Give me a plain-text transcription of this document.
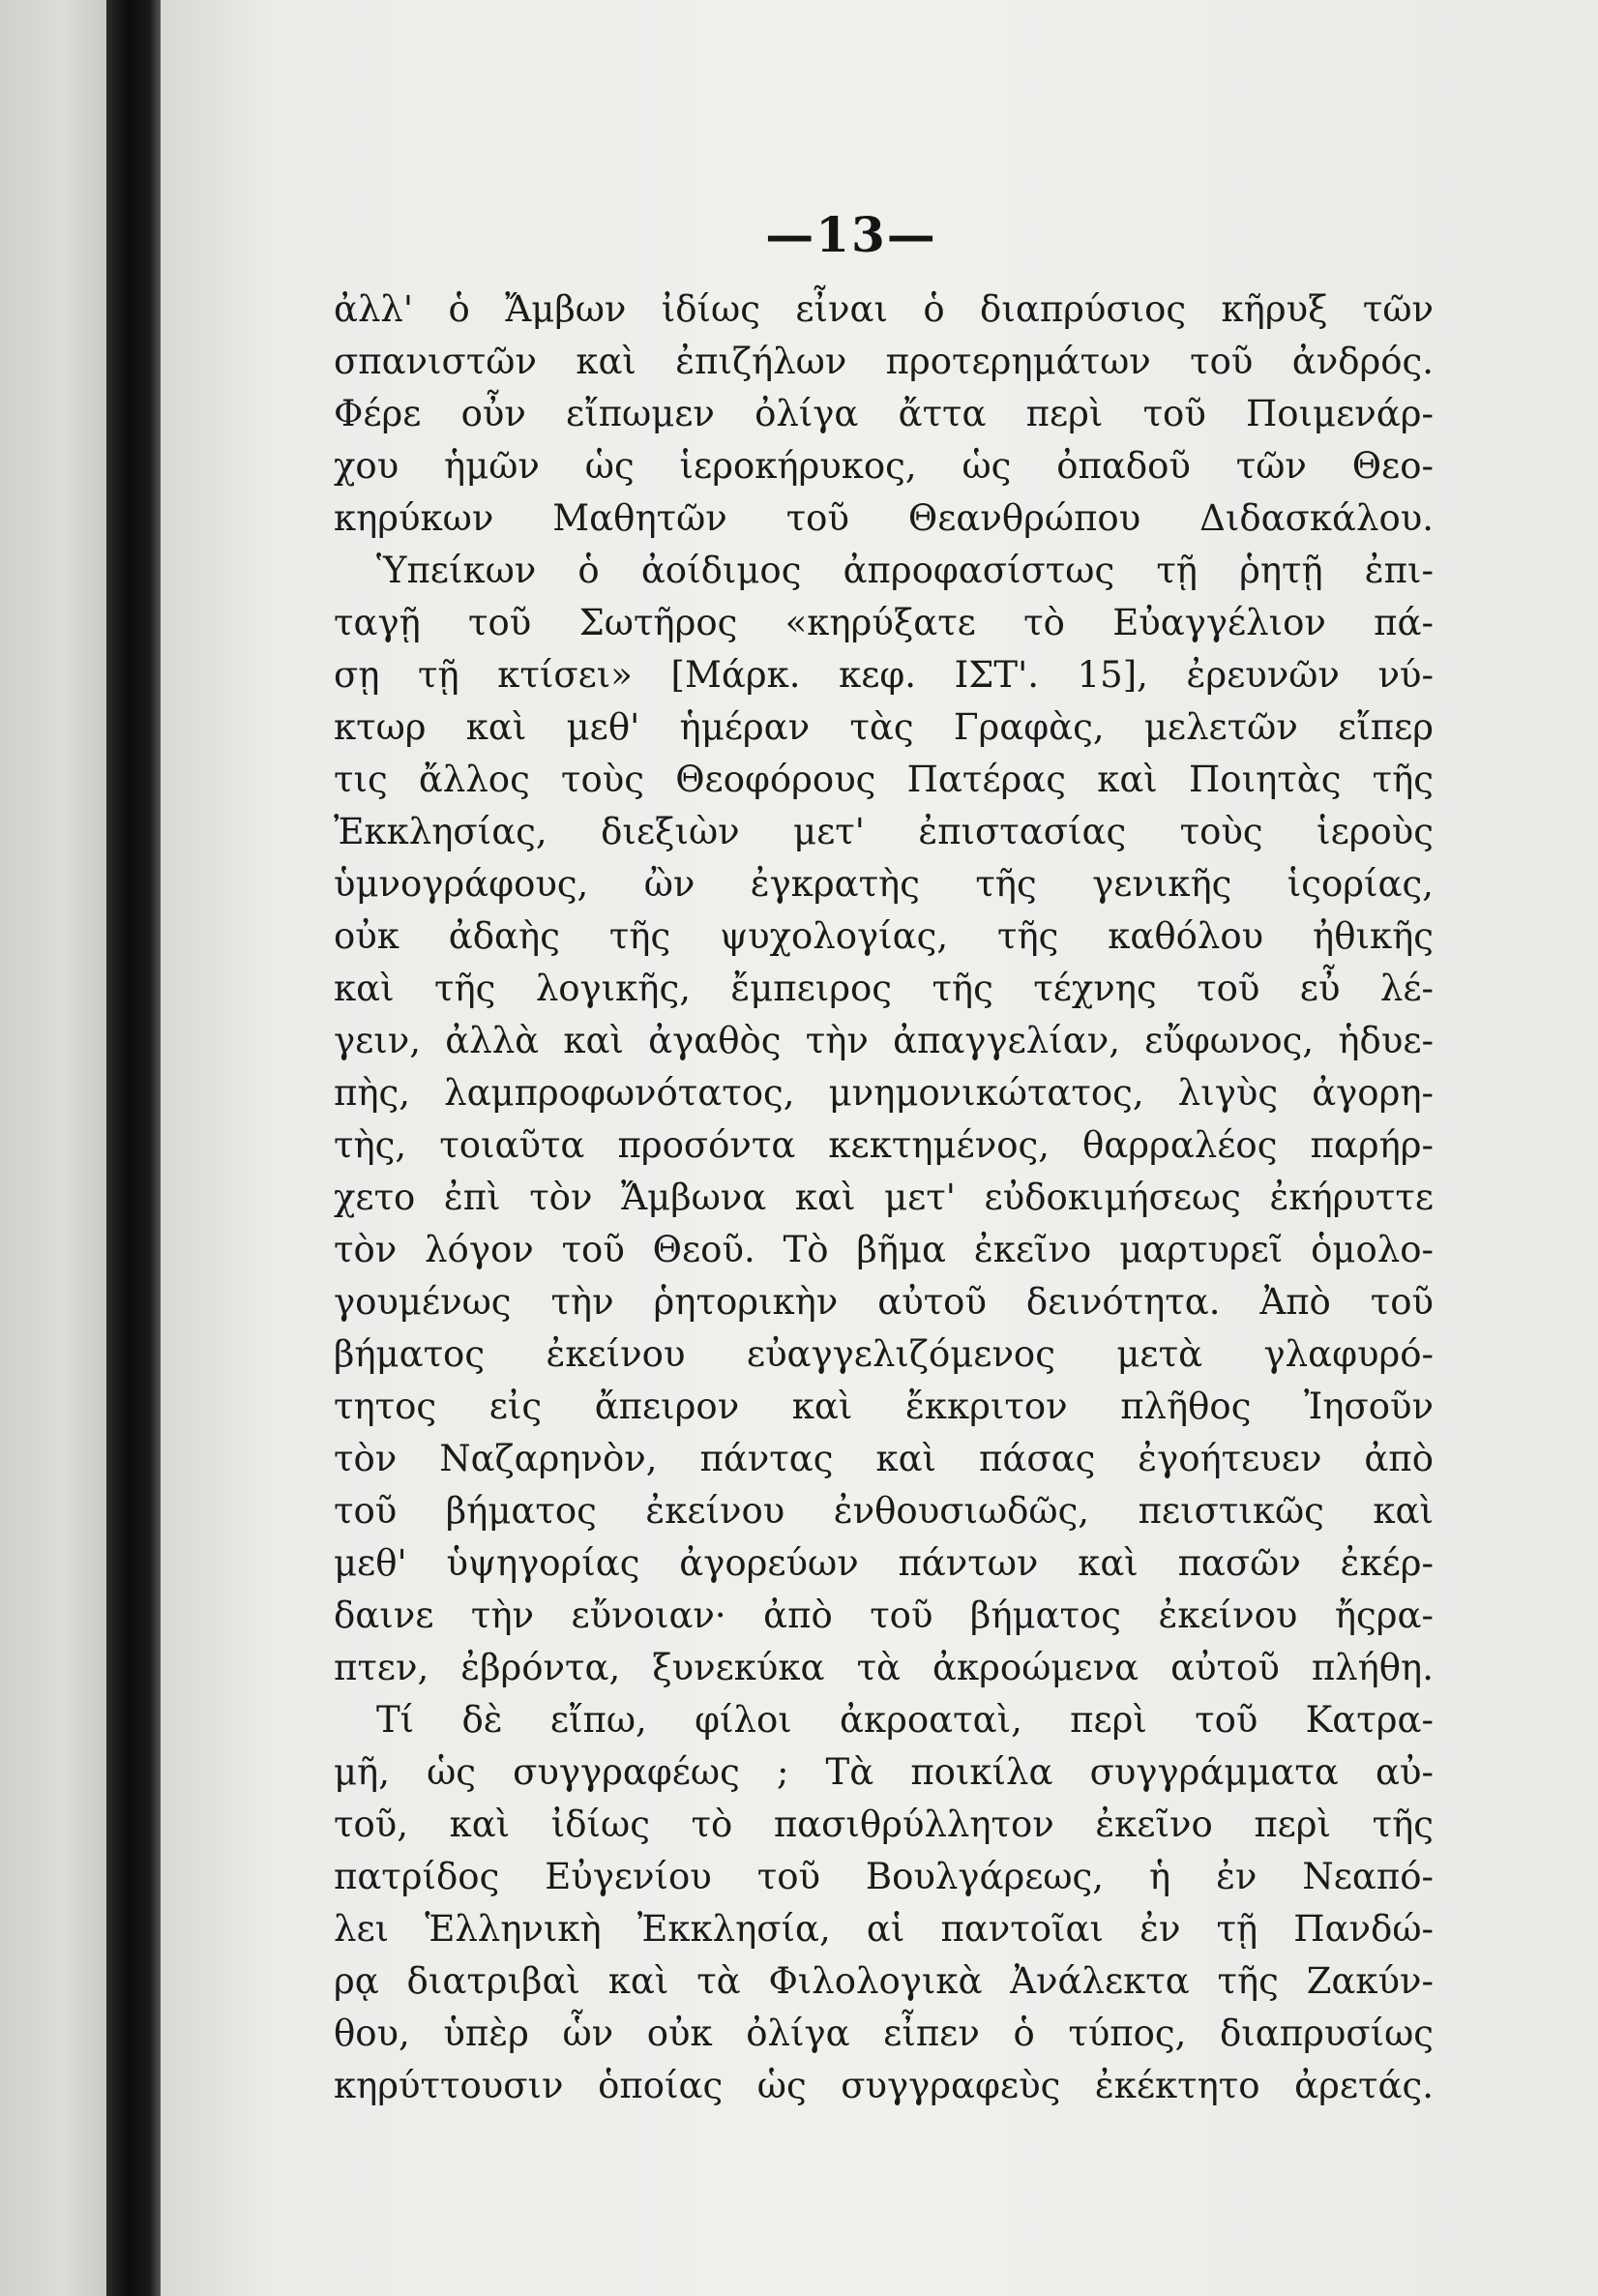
—13—
ἀλλ' ὁ Ἄμβων ἰδίως εἶναι ὁ διαπρύσιος κῆρυξ τῶν
σπανιστῶν καὶ ἐπιζήλων προτερημάτων τοῦ ἀνδρός.
Φέρε οὖν εἴπωμεν ὀλίγα ἄττα περὶ τοῦ Ποιμενάρ-
χου ἡμῶν ὡς ἱεροκήρυκος, ὡς ὀπαδοῦ τῶν Θεο-
κηρύκων Μαθητῶν τοῦ Θεανθρώπου Διδασκάλου.
Ὑπείκων ὁ ἀοίδιμος ἀπροφασίστως τῇ ῥητῇ ἐπι-
ταγῇ τοῦ Σωτῆρος «κηρύξατε τὸ Εὐαγγέλιον πά-
σῃ τῇ κτίσει» [Μάρκ. κεφ. ΙΣΤ'. 15], ἐρευνῶν νύ-
κτωρ καὶ μεθ' ἡμέραν τὰς Γραφὰς, μελετῶν εἴπερ
τις ἄλλος τοὺς Θεοφόρους Πατέρας καὶ Ποιητὰς τῆς
Ἐκκλησίας, διεξιὼν μετ' ἐπιστασίας τοὺς ἱεροὺς
ὑμνογράφους, ὢν ἐγκρατὴς τῆς γενικῆς ἱςορίας,
οὐκ ἀδαὴς τῆς ψυχολογίας, τῆς καθόλου ἠθικῆς
καὶ τῆς λογικῆς, ἔμπειρος τῆς τέχνης τοῦ εὖ λέ-
γειν, ἀλλὰ καὶ ἀγαθὸς τὴν ἀπαγγελίαν, εὔφωνος, ἡδυε-
πὴς, λαμπροφωνότατος, μνημονικώτατος, λιγὺς ἀγορη-
τὴς, τοιαῦτα προσόντα κεκτημένος, θαρραλέος παρήρ-
χετο ἐπὶ τὸν Ἄμβωνα καὶ μετ' εὐδοκιμήσεως ἐκήρυττε
τὸν λόγον τοῦ Θεοῦ. Τὸ βῆμα ἐκεῖνο μαρτυρεῖ ὁμολο-
γουμένως τὴν ῥητορικὴν αὐτοῦ δεινότητα. Ἀπὸ τοῦ
βήματος ἐκείνου εὐαγγελιζόμενος μετὰ γλαφυρό-
τητος εἰς ἄπειρον καὶ ἔκκριτον πλῆθος Ἰησοῦν
τὸν Ναζαρηνὸν, πάντας καὶ πάσας ἐγοήτευεν ἀπὸ
τοῦ βήματος ἐκείνου ἐνθουσιωδῶς, πειστικῶς καὶ
μεθ' ὑψηγορίας ἀγορεύων πάντων καὶ πασῶν ἐκέρ-
δαινε τὴν εὔνοιαν· ἀπὸ τοῦ βήματος ἐκείνου ἤςρα-
πτεν, ἐβρόντα, ξυνεκύκα τὰ ἀκροώμενα αὐτοῦ πλήθη.
Τί δὲ εἴπω, φίλοι ἀκροαταὶ, περὶ τοῦ Κατρα-
μῆ, ὡς συγγραφέως ; Τὰ ποικίλα συγγράμματα αὐ-
τοῦ, καὶ ἰδίως τὸ πασιθρύλλητον ἐκεῖνο περὶ τῆς
πατρίδος Εὐγενίου τοῦ Βουλγάρεως, ἡ ἐν Νεαπό-
λει Ἑλληνικὴ Ἐκκλησία, αἱ παντοῖαι ἐν τῇ Πανδώ-
ρᾳ διατριβαὶ καὶ τὰ Φιλολογικὰ Ἀνάλεκτα τῆς Ζακύν-
θου, ὑπὲρ ὧν οὐκ ὀλίγα εἶπεν ὁ τύπος, διαπρυσίως
κηρύττουσιν ὁποίας ὡς συγγραφεὺς ἐκέκτητο ἀρετάς.
